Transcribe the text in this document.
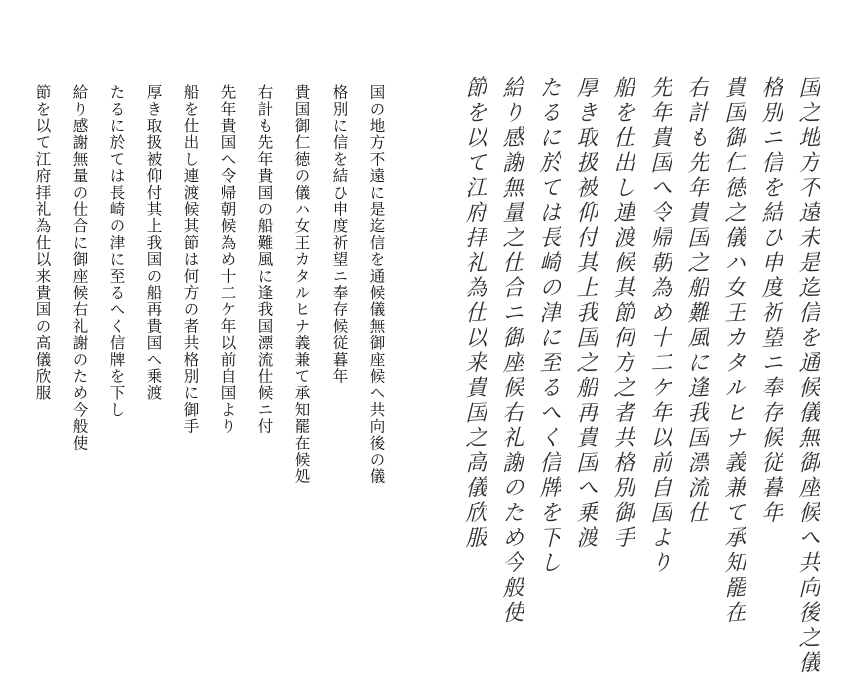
国の地方不遠に是迄信を通候儀無御座候へ共向後の儀
格別に信を結ひ申度祈望ニ奉存候従暮年
貴国御仁徳の儀ハ女王カタルヒナ義兼て承知罷在候処
右計も先年貴国の船難風に逢我国漂流仕候ニ付
先年貴国へ令帰朝候為め十二ケ年以前自国より
船を仕出し連渡候其節は何方の者共格別に御手
厚き取扱被仰付其上我国の船再貴国へ乗渡
たるに於ては長崎の津に至るへく信牌を下し
給り感謝無量の仕合に御座候右礼謝のため今般使
節を以て江府拝礼為仕以来貴国の高儀欣服	国之地方不遠未是迄信を通候儀無御座候へ共向後之儀
格別ニ信を結ひ申度祈望ニ奉存候従暮年
貴国御仁徳之儀ハ女王カタルヒナ義兼て承知罷在
右計も先年貴国之船難風に逢我国漂流仕
先年貴国へ令帰朝為め十二ケ年以前自国より
船を仕出し連渡候其節何方之者共格別御手
厚き取扱被仰付其上我国之船再貴国へ乗渡
たるに於ては長崎の津に至るへく信牌を下し
給り感謝無量之仕合ニ御座候右礼謝のため今般使
節を以て江府拝礼為仕以来貴国之高儀欣服
